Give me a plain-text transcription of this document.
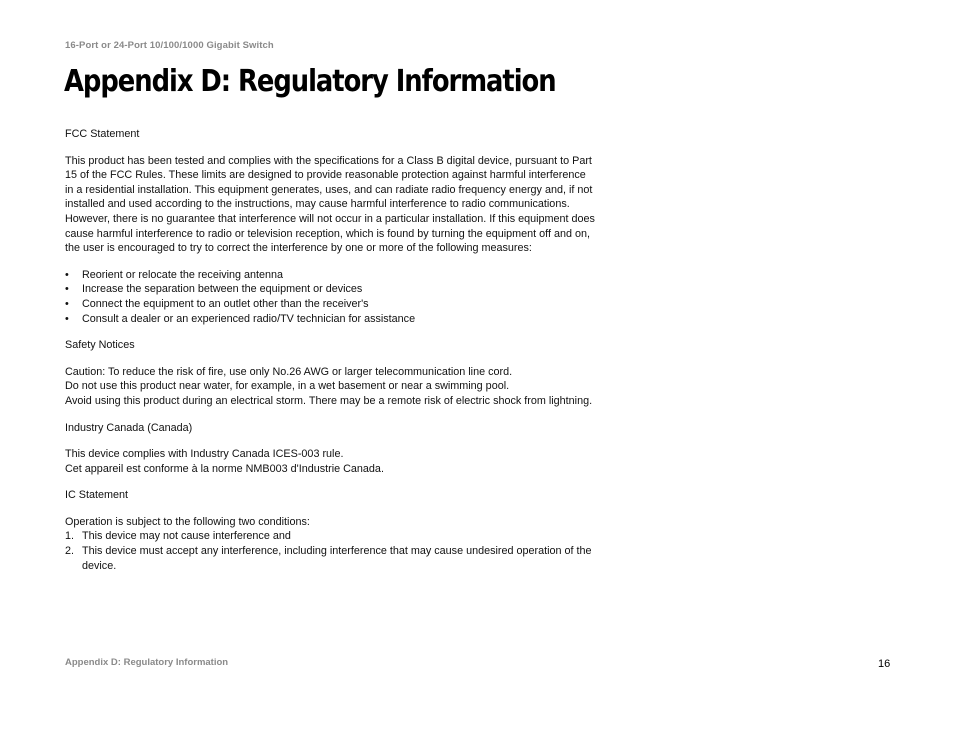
16-Port or 24-Port 10/100/1000 Gigabit Switch
Appendix D: Regulatory Information

FCC Statement

This product has been tested and complies with the specifications for a Class B digital device, pursuant to Part 15 of the FCC Rules. These limits are designed to provide reasonable protection against harmful interference in a residential installation. This equipment generates, uses, and can radiate radio frequency energy and, if not installed and used according to the instructions, may cause harmful interference to radio communications. However, there is no guarantee that interference will not occur in a particular installation. If this equipment does cause harmful interference to radio or television reception, which is found by turning the equipment off and on, the user is encouraged to try to correct the interference by one or more of the following measures:

• Reorient or relocate the receiving antenna
• Increase the separation between the equipment or devices
• Connect the equipment to an outlet other than the receiver's
• Consult a dealer or an experienced radio/TV technician for assistance

Safety Notices

Caution: To reduce the risk of fire, use only No.26 AWG or larger telecommunication line cord.

Do not use this product near water, for example, in a wet basement or near a swimming pool.

Avoid using this product during an electrical storm. There may be a remote risk of electric shock from lightning.

Industry Canada (Canada)

This device complies with Industry Canada ICES-003 rule.

Cet appareil est conforme à la norme NMB003 d'Industrie Canada.

IC Statement

Operation is subject to the following two conditions:

1. This device may not cause interference and
2. This device must accept any interference, including interference that may cause undesired operation of the device.
Appendix D: Regulatory Information	16
